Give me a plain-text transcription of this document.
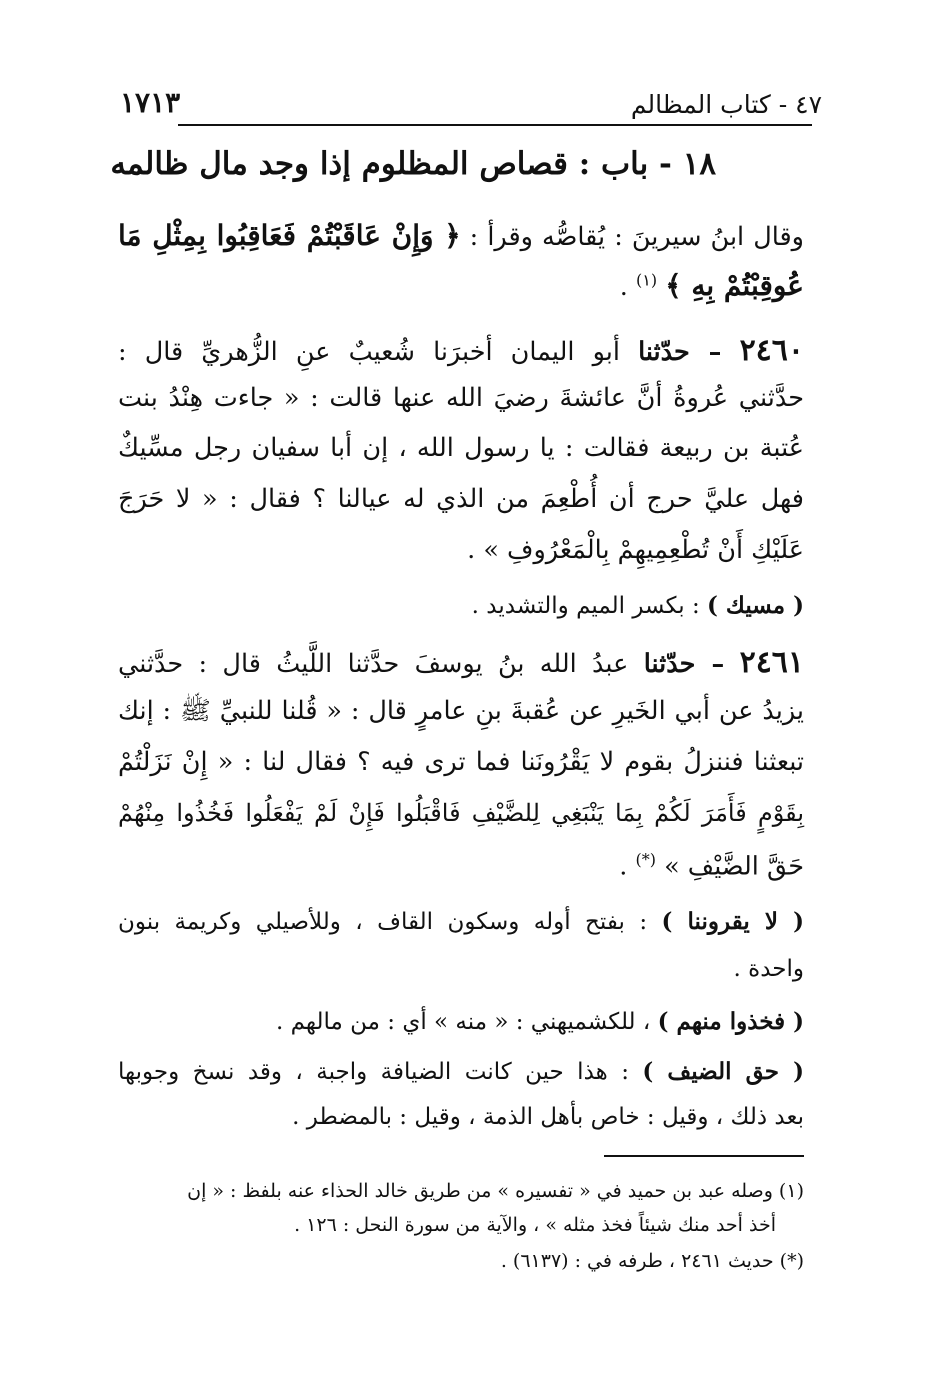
٤٧ - كتاب المظالم
١٧١٣
١٨ - باب : قصاص المظلوم إذا وجد مال ظالمه
وقال ابنُ سيرينَ : يُقاصُّه وقرأ : ﴿ وَإِنْ عَاقَبْتُمْ فَعَاقِبُوا بِمِثْلِ مَا
عُوقِبْتُمْ بِهِ ﴾ $^{(١)}$ .
٢٤٦٠ – حدّثنا أبو اليمان أخبرَنا شُعيبٌ عنِ الزُّهريِّ قال :
حدَّثني عُروةُ أنَّ عائشةَ رضيَ الله عنها قالت : « جاءت هِنْدُ بنت
عُتبة بن ربيعة فقالت : يا رسول الله ، إن أبا سفيان رجل مسِّيكٌ
فهل عليَّ حرج أن أُطْعِمَ من الذي له عيالنا ؟ فقال : « لا حَرَجَ
عَلَيْكِ أَنْ تُطْعِمِيهِمْ بِالْمَعْرُوفِ » .
( مسيك ) : بكسر الميم والتشديد .
٢٤٦١ – حدّثنا عبدُ الله بنُ يوسفَ حدَّثنا اللَّيثُ قال : حدَّثني
يزيدُ عن أبي الخَيرِ عن عُقبةَ بنِ عامرٍ قال : « قُلنا للنبيِّ ﷺ : إنك
تبعثنا فننزلُ بقوم لا يَقْرُونَنا فما ترى فيه ؟ فقال لنا : « إِنْ نَزَلْتُمْ
بِقَوْمٍ فَأَمَرَ لَكُمْ بِمَا يَنْبَغِي لِلضَّيْفِ فَاقْبَلُوا فَإِنْ لَمْ يَفْعَلُوا فَخُذُوا مِنْهُمْ
حَقَّ الضَّيْفِ » (*) .
( لا يقروننا ) : بفتح أوله وسكون القاف ، وللأصيلي وكريمة بنون
واحدة .
( فخذوا منهم ) ، للكشميهني : « منه » أي : من مالهم .
( حق الضيف ) : هذا حين كانت الضيافة واجبة ، وقد نسخ وجوبها
بعد ذلك ، وقيل : خاص بأهل الذمة ، وقيل : بالمضطر .
(١) وصله عبد بن حميد في « تفسيره » من طريق خالد الحذاء عنه بلفظ : « إن
أخذ أحد منك شيئاً فخذ مثله » ، والآية من سورة النحل : ١٢٦ .
(*) حديث ٢٤٦١ ، طرفه في : (٦١٣٧) .
